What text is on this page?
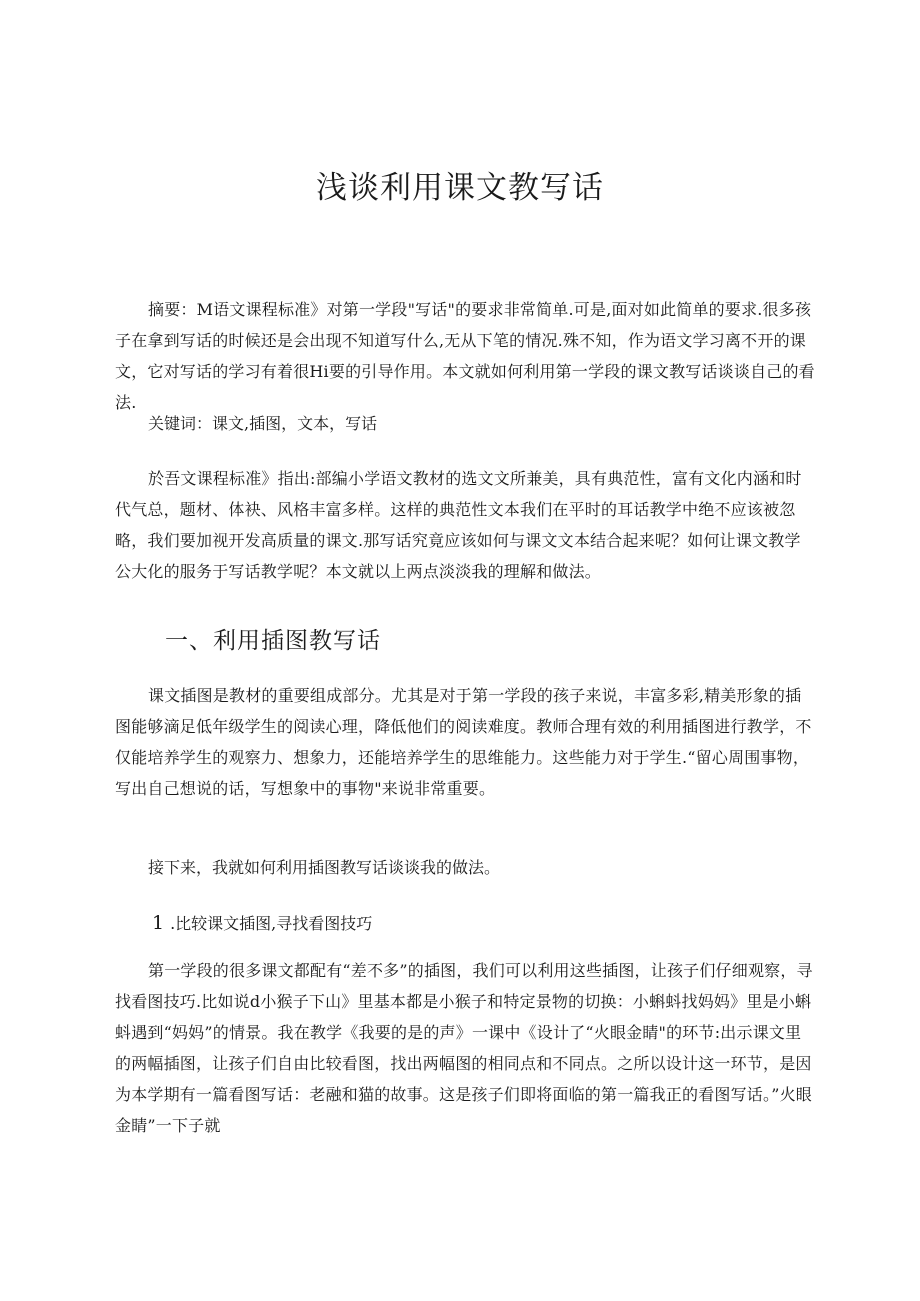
浅谈利用课文教写话

摘要：M语文课程标准》对第一学段"写话"的要求非常简单.可是,面对如此简单的要求.很多孩子在拿到写话的时候还是会出现不知道写什么,无从下笔的情况.殊不知，作为语文学习离不开的课文，它对写话的学习有着很Hi要的引导作用。本文就如何利用第一学段的课文教写话谈谈自己的看法.

关键词：课文,插图，文本，写话

於吾文课程标准》指出:部编小学语文教材的选文文所兼美，具有典范性，富有文化内涵和时代气总，题材、体袂、风格丰富多样。这样的典范性文本我们在平时的耳话教学中绝不应该被忽略，我们要加视开发高质量的课文.那写话究竟应该如何与课文文本结合起来呢？如何让课文教学公大化的服务于写话教学呢？本文就以上两点淡淡我的理解和做法。

一、利用插图教写话

课文插图是教材的重要组成部分。尤其是对于第一学段的孩子来说，丰富多彩,精美形象的插图能够滴足低年级学生的阅读心理，降低他们的阅读难度。教师合理有效的利用插图进行教学，不仅能培养学生的观察力、想象力，还能培养学生的思维能力。这些能力对于学生.“留心周围事物，写出自己想说的话，写想象中的事物"来说非常重要。

接下来，我就如何利用插图教写话谈谈我的做法。

1 .比较课文插图,寻找看图技巧

第一学段的很多课文都配有“差不多”的插图，我们可以利用这些插图，让孩子们仔细观察，寻找看图技巧.比如说d小猴子下山》里基本都是小猴子和特定景物的切换：小蝌蚪找妈妈》里是小蝌蚪遇到“妈妈”的情景。我在教学《我要的是的声》一课中《设计了“火眼金睛"的环节:出示课文里的两幅插图，让孩子们自由比较看图，找出两幅图的相同点和不同点。之所以设计这一环节，是因为本学期有一篇看图写话：老融和猫的故事。这是孩子们即将面临的第一篇我正的看图写话。”火眼金睛”一下子就
